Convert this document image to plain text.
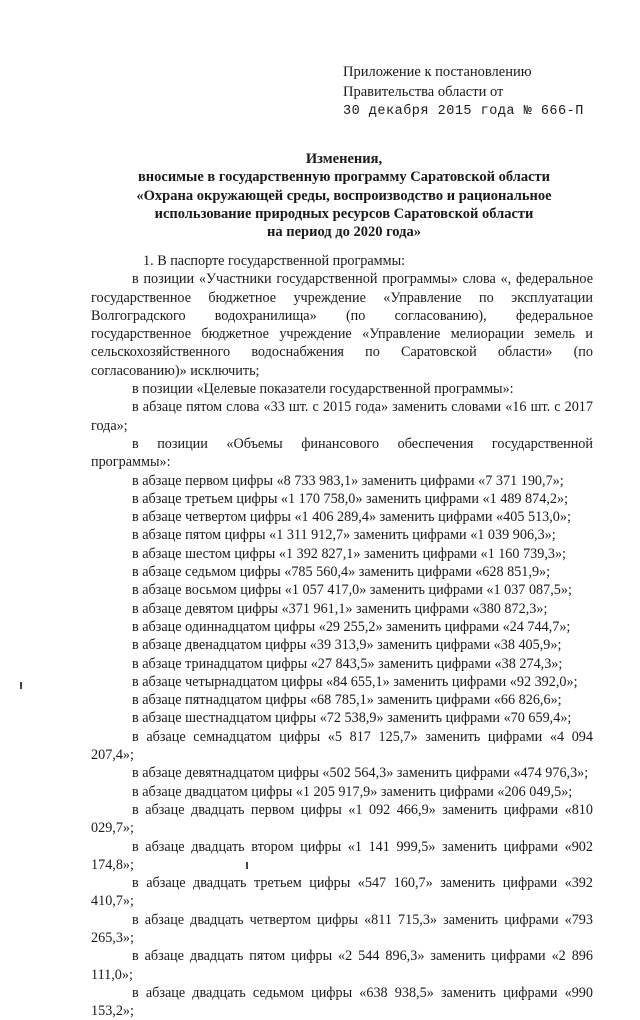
Приложение к постановлению
Правительства области от
30 декабря 2015 года № 666-П
Изменения,
вносимые в государственную программу Саратовской области
«Охрана окружающей среды, воспроизводство и рациональное
использование природных ресурсов Саратовской области
на период до 2020 года»

1. В паспорте государственной программы:

в позиции «Участники государственной программы» слова «, федеральное государственное бюджетное учреждение «Управление по эксплуатации Волгоградского водохранилища» (по согласованию), федеральное государственное бюджетное учреждение «Управление мелиорации земель и сельскохозяйственного водоснабжения по Саратовской области» (по согласованию)» исключить;

в позиции «Целевые показатели государственной программы»:

в абзаце пятом слова «33 шт. с 2015 года» заменить словами «16 шт. с 2017 года»;

в позиции «Объемы финансового обеспечения государственной программы»:

в абзаце первом цифры «8 733 983,1» заменить цифрами «7 371 190,7»;

в абзаце третьем цифры «1 170 758,0» заменить цифрами «1 489 874,2»;

в абзаце четвертом цифры «1 406 289,4» заменить цифрами «405 513,0»;

в абзаце пятом цифры «1 311 912,7» заменить цифрами «1 039 906,3»;

в абзаце шестом цифры «1 392 827,1» заменить цифрами «1 160 739,3»;

в абзаце седьмом цифры «785 560,4» заменить цифрами «628 851,9»;

в абзаце восьмом цифры «1 057 417,0» заменить цифрами «1 037 087,5»;

в абзаце девятом цифры «371 961,1» заменить цифрами «380 872,3»;

в абзаце одиннадцатом цифры «29 255,2» заменить цифрами «24 744,7»;

в абзаце двенадцатом цифры «39 313,9» заменить цифрами «38 405,9»;

в абзаце тринадцатом цифры «27 843,5» заменить цифрами «38 274,3»;

в абзаце четырнадцатом цифры «84 655,1» заменить цифрами «92 392,0»;

в абзаце пятнадцатом цифры «68 785,1» заменить цифрами «66 826,6»;

в абзаце шестнадцатом цифры «72 538,9» заменить цифрами «70 659,4»;

в абзаце семнадцатом цифры «5 817 125,7» заменить цифрами «4 094 207,4»;

в абзаце девятнадцатом цифры «502 564,3» заменить цифрами «474 976,3»;

в абзаце двадцатом цифры «1 205 917,9» заменить цифрами «206 049,5»;

в абзаце двадцать первом цифры «1 092 466,9» заменить цифрами «810 029,7»;

в абзаце двадцать втором цифры «1 141 999,5» заменить цифрами «902 174,8»;

в абзаце двадцать третьем цифры «547 160,7» заменить цифрами «392 410,7»;

в абзаце двадцать четвертом цифры «811 715,3» заменить цифрами «793 265,3»;

в абзаце двадцать пятом цифры «2 544 896,3» заменить цифрами «2 896 111,0»;

в абзаце двадцать седьмом цифры «638 938,5» заменить цифрами «990 153,2»;
